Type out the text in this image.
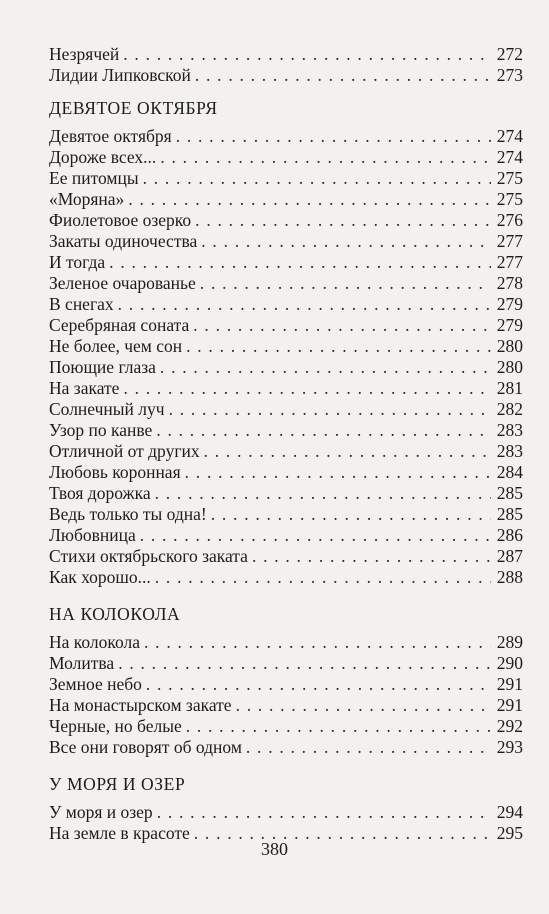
Незрячей . . .	272
Лидии Липковской . . .	273
ДЕВЯТОЕ ОКТЯБРЯ
Девятое октября . . .	274
Дороже всех... . . .	274
Ее питомцы . . .	275
«Моряна» . . .	275
Фиолетовое озерко . . .	276
Закаты одиночества . . .	277
И тогда . . .	277
Зеленое очарованье . . .	278
В снегах . . .	279
Серебряная соната . . .	279
Не более, чем сон . . .	280
Поющие глаза . . .	280
На закате . . .	281
Солнечный луч . . .	282
Узор по канве . . .	283
Отличной от других . . .	283
Любовь коронная . . .	284
Твоя дорожка . . .	285
Ведь только ты одна! . . .	285
Любовница . . .	286
Стихи октябрьского заката . . .	287
Как хорошо... . . .	288
НА КОЛОКОЛА
На колокола . . .	289
Молитва . . .	290
Земное небо . . .	291
На монастырском закате . . .	291
Черные, но белые . . .	292
Все они говорят об одном . . .	293
У МОРЯ И ОЗЕР
У моря и озер . . .	294
На земле в красоте . . .	295
380
